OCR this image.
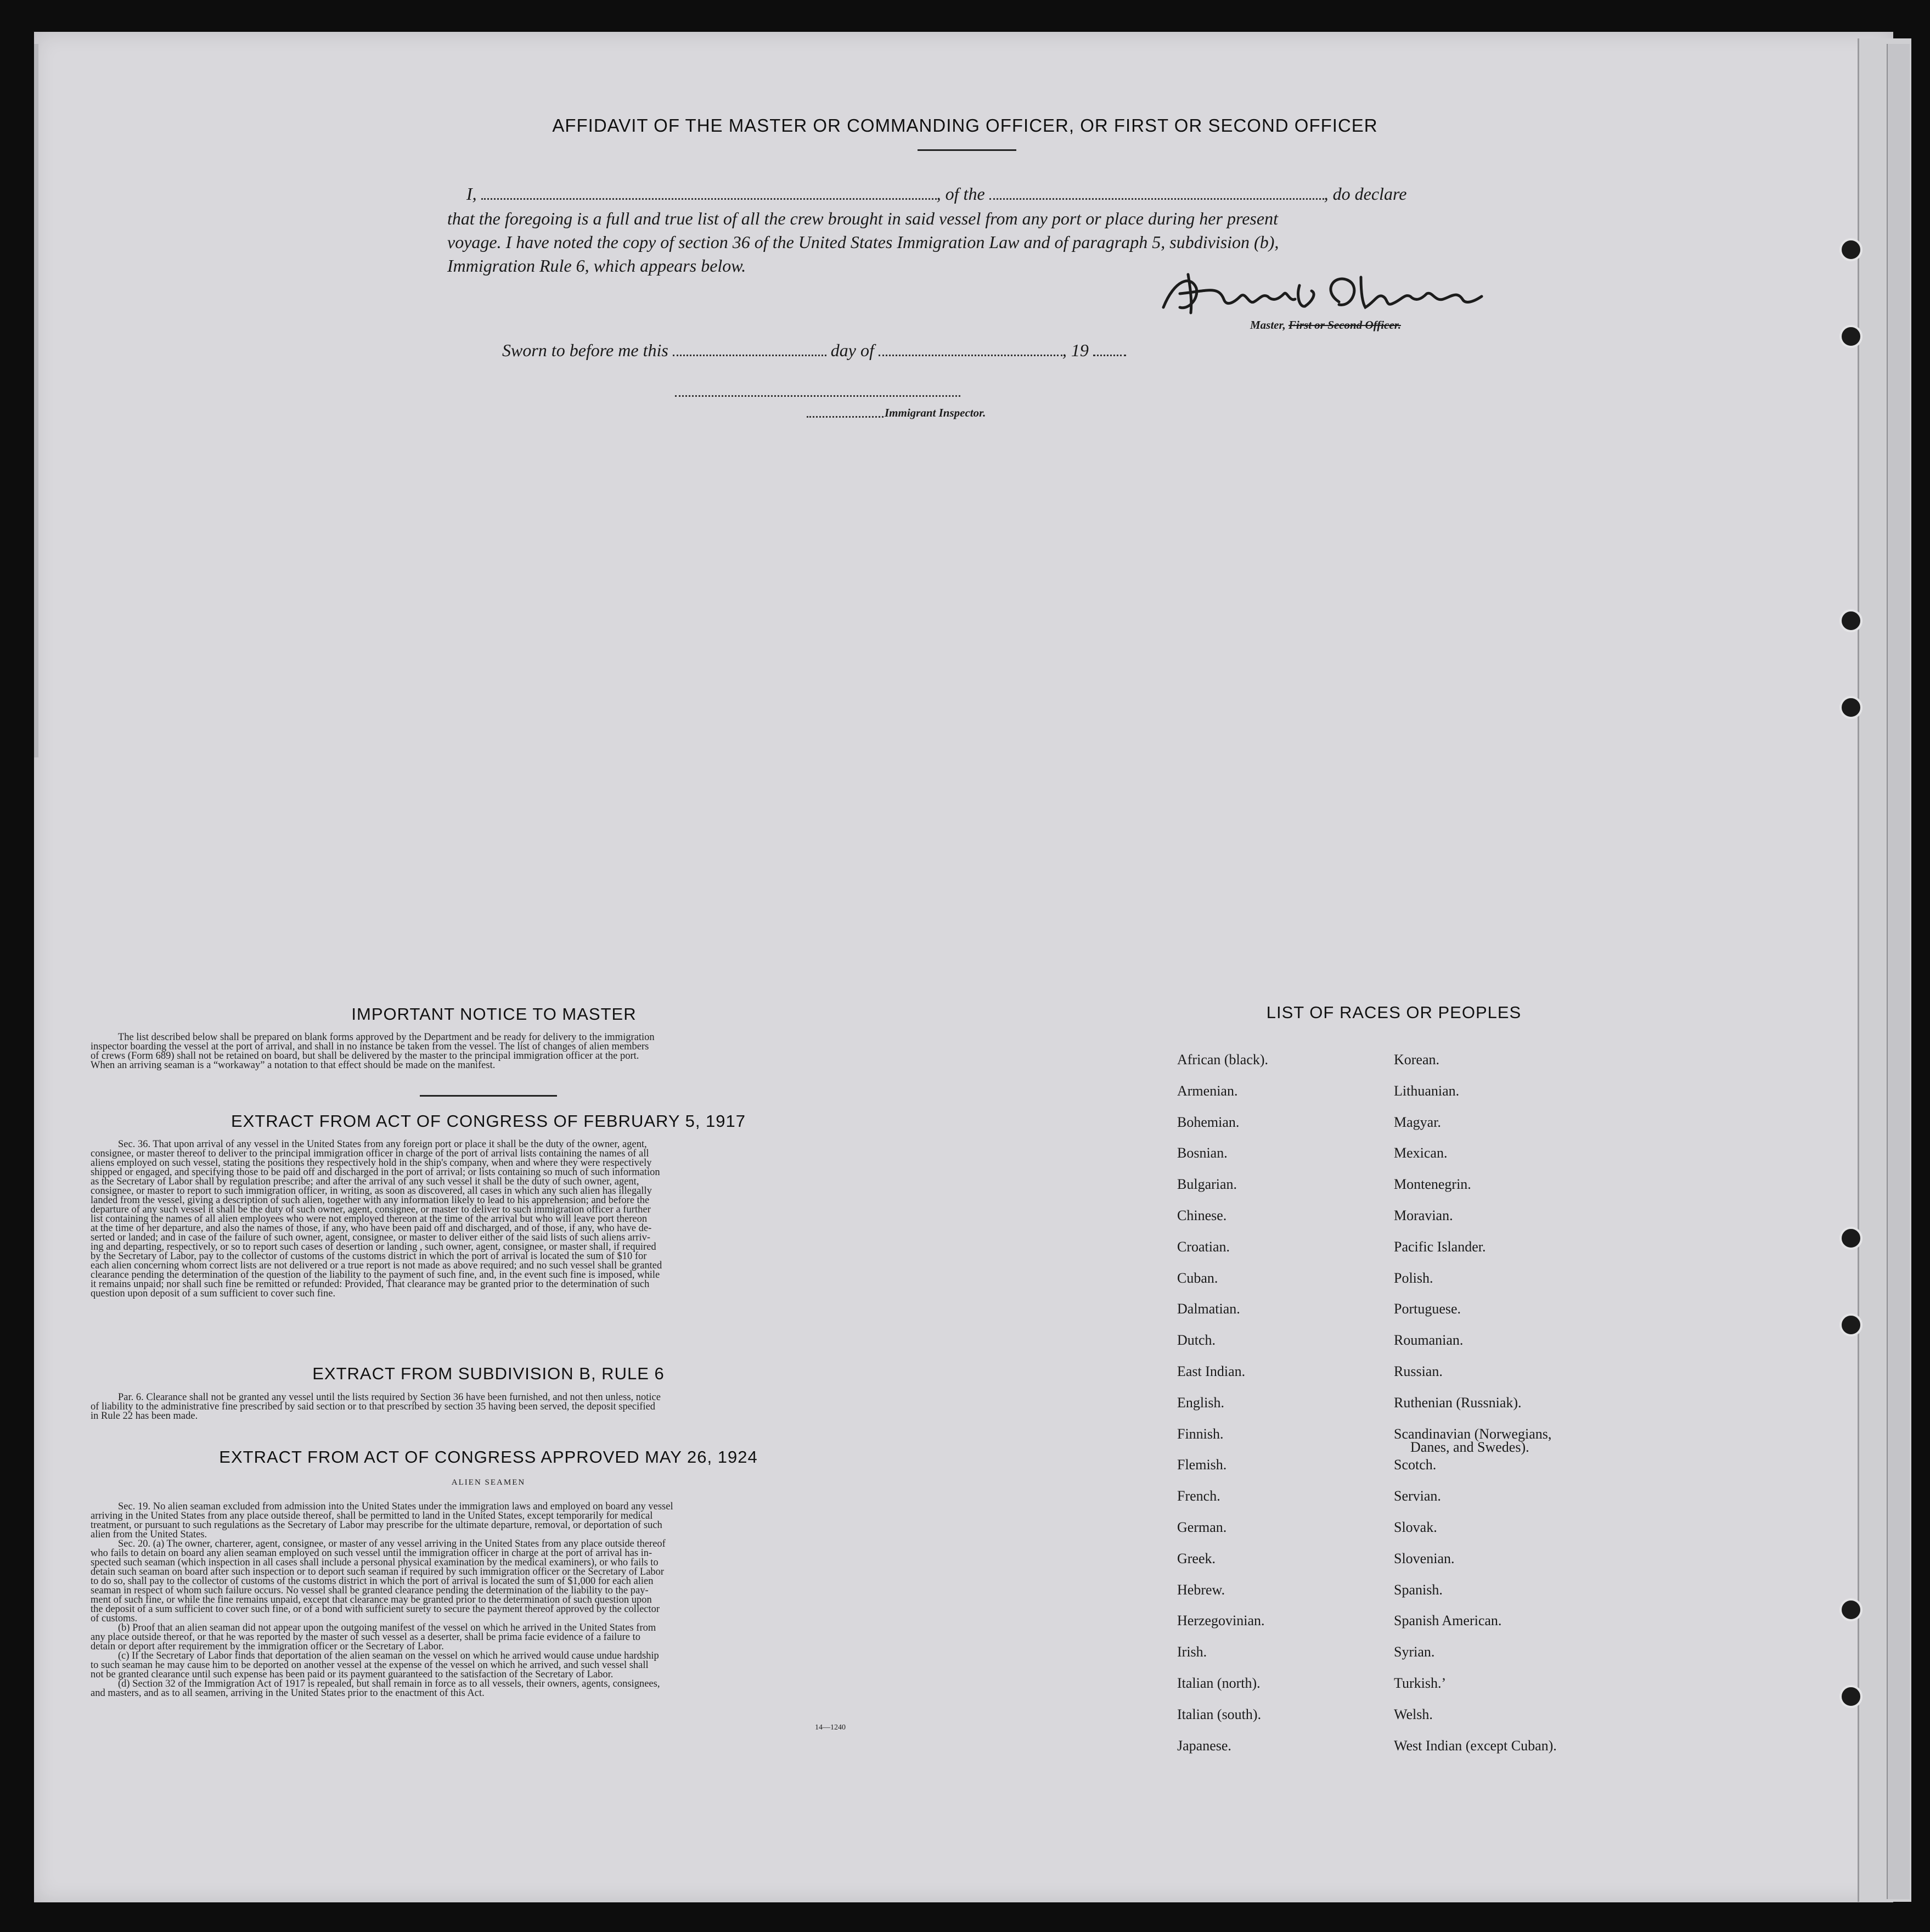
AFFIDAVIT OF THE MASTER OR COMMANDING OFFICER, OR FIRST OR SECOND OFFICER
I,	, of the	, do declare
that the foregoing is a full and true list of all the crew brought in said vessel from any port or place during her present
voyage. I have noted the copy of section 36 of the United States Immigration Law and of paragraph 5, subdivision (b),
Immigration Rule 6, which appears below.
Master, First or Second Officer.
Sworn to before me this	day of	, 19
Immigrant Inspector.
IMPORTANT NOTICE TO MASTER

The list described below shall be prepared on blank forms approved by the Department and be ready for delivery to the immigration

inspector boarding the vessel at the port of arrival, and shall in no instance be taken from the vessel. The list of changes of alien members

of crews (Form 689) shall not be retained on board, but shall be delivered by the master to the principal immigration officer at the port.

When an arriving seaman is a “workaway” a notation to that effect should be made on the manifest.

EXTRACT FROM ACT OF CONGRESS OF FEBRUARY 5, 1917

Sec. 36. That upon arrival of any vessel in the United States from any foreign port or place it shall be the duty of the owner, agent,

consignee, or master thereof to deliver to the principal immigration officer in charge of the port of arrival lists containing the names of all

aliens employed on such vessel, stating the positions they respectively hold in the ship's company, when and where they were respectively

shipped or engaged, and specifying those to be paid off and discharged in the port of arrival; or lists containing so much of such information

as the Secretary of Labor shall by regulation prescribe; and after the arrival of any such vessel it shall be the duty of such owner, agent,

consignee, or master to report to such immigration officer, in writing, as soon as discovered, all cases in which any such alien has illegally

landed from the vessel, giving a description of such alien, together with any information likely to lead to his apprehension; and before the

departure of any such vessel it shall be the duty of such owner, agent, consignee, or master to deliver to such immigration officer a further

list containing the names of all alien employees who were not employed thereon at the time of the arrival but who will leave port thereon

at the time of her departure, and also the names of those, if any, who have been paid off and discharged, and of those, if any, who have de-

serted or landed; and in case of the failure of such owner, agent, consignee, or master to deliver either of the said lists of such aliens arriv-

ing and departing, respectively, or so to report such cases of desertion or landing , such owner, agent, consignee, or master shall, if required

by the Secretary of Labor, pay to the collector of customs of the customs district in which the port of arrival is located the sum of $10 for

each alien concerning whom correct lists are not delivered or a true report is not made as above required; and no such vessel shall be granted

clearance pending the determination of the question of the liability to the payment of such fine, and, in the event such fine is imposed, while

it remains unpaid; nor shall such fine be remitted or refunded: Provided, That clearance may be granted prior to the determination of such

question upon deposit of a sum sufficient to cover such fine.

EXTRACT FROM SUBDIVISION B, RULE 6

Par. 6. Clearance shall not be granted any vessel until the lists required by Section 36 have been furnished, and not then unless, notice

of liability to the administrative fine prescribed by said section or to that prescribed by section 35 having been served, the deposit specified

in Rule 22 has been made.

EXTRACT FROM ACT OF CONGRESS APPROVED MAY 26, 1924
ALIEN SEAMEN

Sec. 19. No alien seaman excluded from admission into the United States under the immigration laws and employed on board any vessel

arriving in the United States from any place outside thereof, shall be permitted to land in the United States, except temporarily for medical

treatment, or pursuant to such regulations as the Secretary of Labor may prescribe for the ultimate departure, removal, or deportation of such

alien from the United States.

Sec. 20. (a) The owner, charterer, agent, consignee, or master of any vessel arriving in the United States from any place outside thereof

who fails to detain on board any alien seaman employed on such vessel until the immigration officer in charge at the port of arrival has in-

spected such seaman (which inspection in all cases shall include a personal physical examination by the medical examiners), or who fails to

detain such seaman on board after such inspection or to deport such seaman if required by such immigration officer or the Secretary of Labor

to do so, shall pay to the collector of customs of the customs district in which the port of arrival is located the sum of $1,000 for each alien

seaman in respect of whom such failure occurs. No vessel shall be granted clearance pending the determination of the liability to the pay-

ment of such fine, or while the fine remains unpaid, except that clearance may be granted prior to the determination of such question upon

the deposit of a sum sufficient to cover such fine, or of a bond with sufficient surety to secure the payment thereof approved by the collector

of customs.

(b) Proof that an alien seaman did not appear upon the outgoing manifest of the vessel on which he arrived in the United States from

any place outside thereof, or that he was reported by the master of such vessel as a deserter, shall be prima facie evidence of a failure to

detain or deport after requirement by the immigration officer or the Secretary of Labor.

(c) If the Secretary of Labor finds that deportation of the alien seaman on the vessel on which he arrived would cause undue hardship

to such seaman he may cause him to be deported on another vessel at the expense of the vessel on which he arrived, and such vessel shall

not be granted clearance until such expense has been paid or its payment guaranteed to the satisfaction of the Secretary of Labor.

(d) Section 32 of the Immigration Act of 1917 is repealed, but shall remain in force as to all vessels, their owners, agents, consignees,

and masters, and as to all seamen, arriving in the United States prior to the enactment of this Act.

14—1240
LIST OF RACES OR PEOPLES
African (black).
Armenian.
Bohemian.
Bosnian.
Bulgarian.
Chinese.
Croatian.
Cuban.
Dalmatian.
Dutch.
East Indian.
English.
Finnish.
Flemish.
French.
German.
Greek.
Hebrew.
Herzegovinian.
Irish.
Italian (north).
Italian (south).
Japanese.
Korean.
Lithuanian.
Magyar.
Mexican.
Montenegrin.
Moravian.
Pacific Islander.
Polish.
Portuguese.
Roumanian.
Russian.
Ruthenian (Russniak).
Scandinavian (Norwegians,
Danes, and Swedes).
Scotch.
Servian.
Slovak.
Slovenian.
Spanish.
Spanish American.
Syrian.
Turkish.’
Welsh.
West Indian (except Cuban).
